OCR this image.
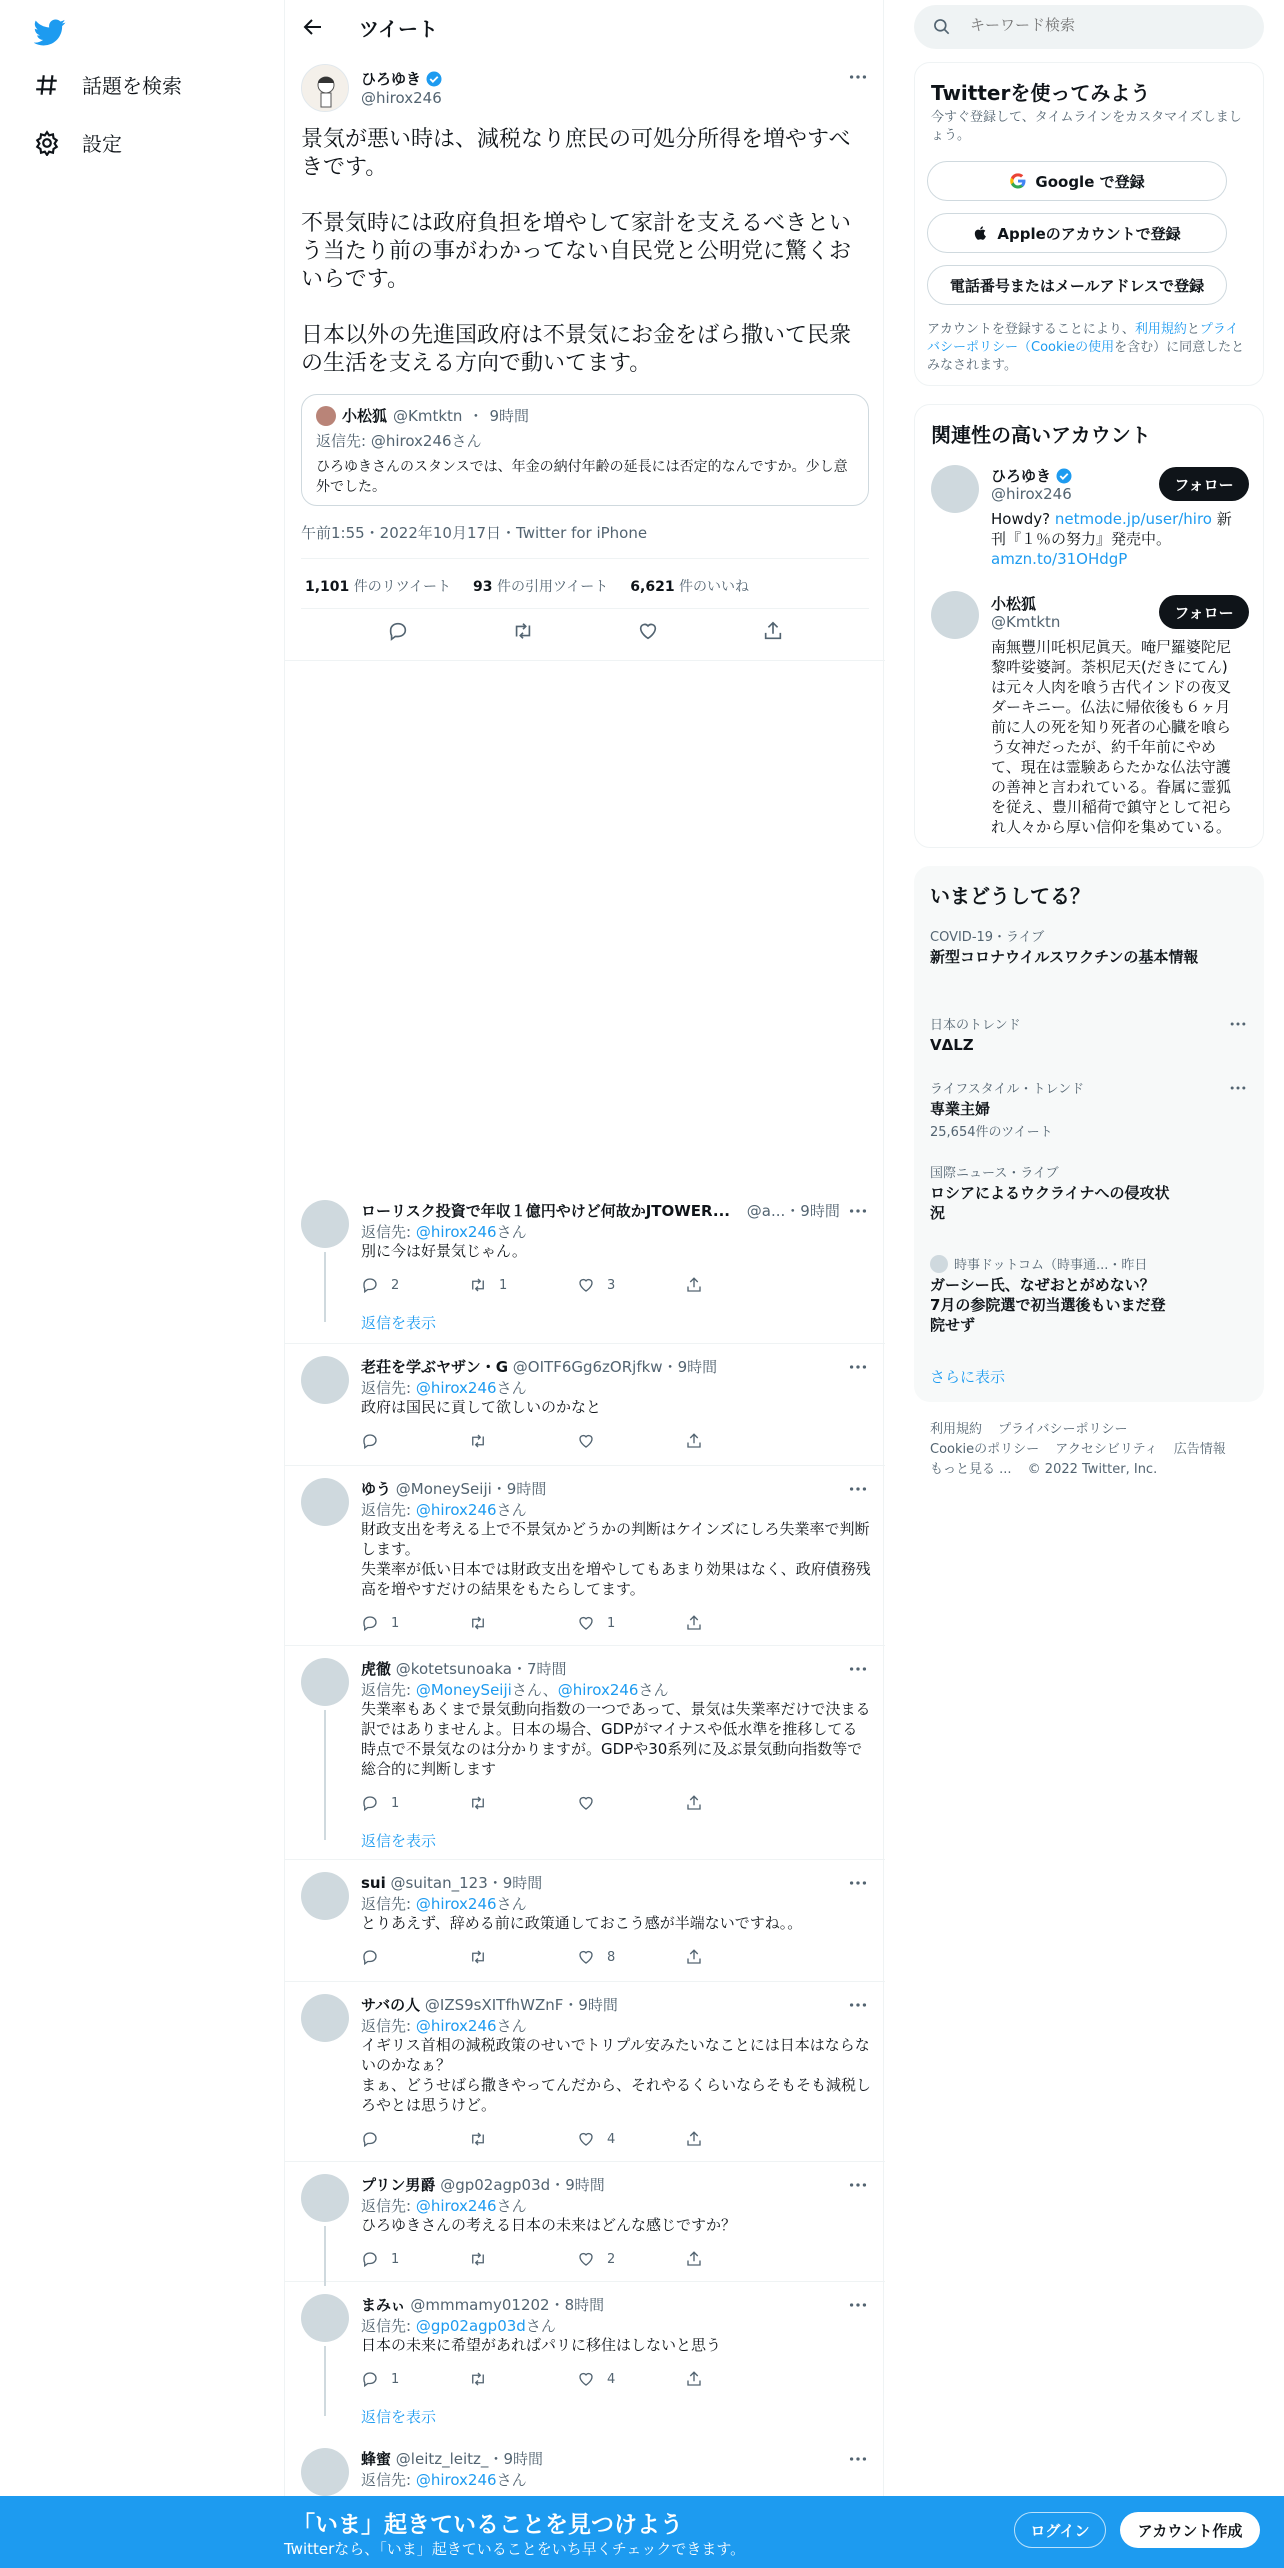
話題を検索
設定
ツイート
ひろゆき
@hirox246

景気が悪い時は、減税なり庶民の可処分所得を増やすべきです。

不景気時には政府負担を増やして家計を支えるべきという当たり前の事がわかってない自民党と公明党に驚くおいらです。

日本以外の先進国政府は不景気にお金をばら撒いて民衆の生活を支える方向で動いてます。

小松狐 @Kmtktn ・ 9時間
返信先: @hirox246さん
ひろゆきさんのスタンスでは、年金の納付年齢の延長には否定的なんですか。少し意外でした。
午前1:55・2022年10月17日・Twitter for iPhone
1,101 件のリツイート 93 件の引用ツイート 6,621 件のいいね
ローリスク投資で年収１億円やけど何故かJTOWER... @a...・9時間
返信先: @hirox246さん
別に今は好景気じゃん。
2	1	3
返信を表示
老荘を学ぶヤザン・G @OITF6Gg6zORjfkw・9時間
返信先: @hirox246さん
政府は国民に貢して欲しいのかなと
ゆう @MoneySeiji・9時間
返信先: @hirox246さん
財政支出を考える上で不景気かどうかの判断はケインズにしろ失業率で判断します。
失業率が低い日本では財政支出を増やしてもあまり効果はなく、政府債務残高を増やすだけの結果をもたらしてます。
1	1
虎徹 @kotetsunoaka・7時間
返信先: @MoneySeijiさん、@hirox246さん
失業率もあくまで景気動向指数の一つであって、景気は失業率だけで決まる訳ではありませんよ。日本の場合、GDPがマイナスや低水準を推移してる時点で不景気なのは分かりますが。GDPや30系列に及ぶ景気動向指数等で総合的に判断します
1
返信を表示
sui @suitan_123・9時間
返信先: @hirox246さん
とりあえず、辞める前に政策通しておこう感が半端ないですね。。
8
サバの人 @IZS9sXITfhWZnF・9時間
返信先: @hirox246さん
イギリス首相の減税政策のせいでトリプル安みたいなことには日本はならないのかなぁ？
まぁ、どうせばら撒きやってんだから、それやるくらいならそもそも減税しろやとは思うけど。
4
プリン男爵 @gp02agp03d・9時間
返信先: @hirox246さん
ひろゆきさんの考える日本の未来はどんな感じですか？
1	2
まみぃ @mmmamy01202・8時間
返信先: @gp02agp03dさん
日本の未来に希望があればパリに移住はしないと思う
1	4
返信を表示
蜂蜜 @leitz_leitz_・9時間
返信先: @hirox246さん
キーワード検索
Twitterを使ってみよう
今すぐ登録して、タイムラインをカスタマイズしましょう。
Google で登録
Appleのアカウントで登録
電話番号またはメールアドレスで登録
アカウントを登録することにより、利用規約とプライバシーポリシー（Cookieの使用を含む）に同意したとみなされます。
関連性の高いアカウント
ひろゆき
@hirox246
フォロー
Howdy? netmode.jp/user/hiro 新刊『１％の努力』発売中。
amzn.to/31OHdgP
小松狐
@Kmtktn
フォロー
南無豐川吒枳尼眞天。唵尸羅婆陀尼黎吽娑婆訶。荼枳尼天(だきにてん)は元々人肉を喰う古代インドの夜叉ダーキニー。仏法に帰依後も６ヶ月前に人の死を知り死者の心臓を喰らう女神だったが、約千年前にやめて、現在は霊験あらたかな仏法守護の善神と言われている。眷属に霊狐を従え、豊川稲荷で鎮守として祀られ人々から厚い信仰を集めている。
いまどうしてる？
COVID-19・ライブ
新型コロナウイルスワクチンの基本情報
日本のトレンド
VΔLZ
ライフスタイル・トレンド
専業主婦
25,654件のツイート
国際ニュース・ライブ
ロシアによるウクライナへの侵攻状況
時事ドットコム（時事通...・昨日
ガーシー氏、なぜおとがめない？　7月の参院選で初当選後もいまだ登院せず
さらに表示
利用規約 プライバシーポリシー
Cookieのポリシー アクセシビリティ 広告情報
もっと見る ... © 2022 Twitter, Inc.
「いま」起きていることを見つけよう
Twitterなら、「いま」起きていることをいち早くチェックできます。
ログイン	アカウント作成
